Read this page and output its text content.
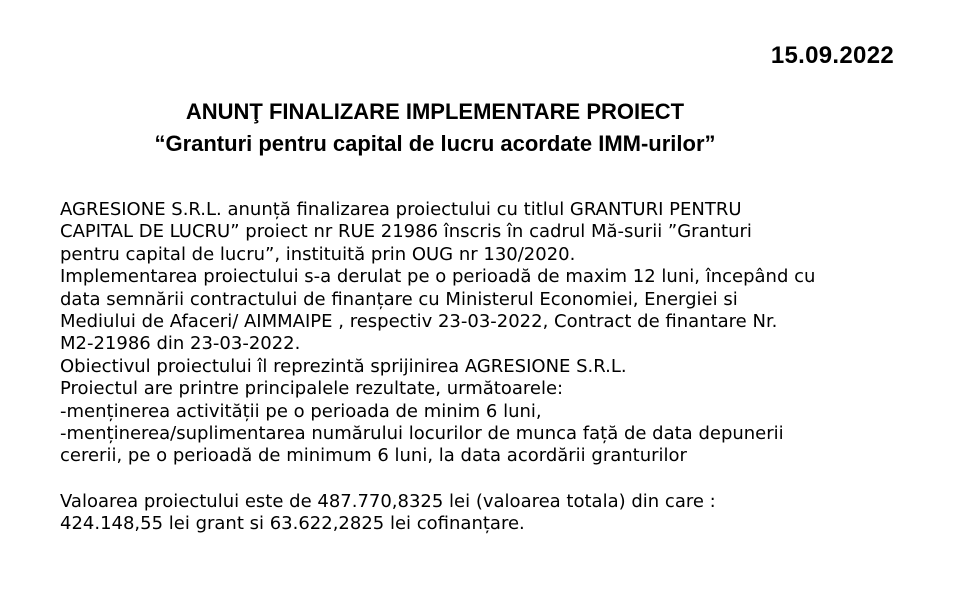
15.09.2022
ANUNŢ FINALIZARE IMPLEMENTARE PROIECT
“Granturi pentru capital de lucru acordate IMM-urilor”
AGRESIONE S.R.L. anunță finalizarea proiectului cu titlul GRANTURI PENTRU
CAPITAL DE LUCRU” proiect nr RUE 21986 înscris în cadrul Mă-surii ”Granturi
pentru capital de lucru”, instituită prin OUG nr 130/2020.
Implementarea proiectului s-a derulat pe o perioadă de maxim 12 luni, începând cu
data semnării contractului de finanțare cu Ministerul Economiei, Energiei si
Mediului de Afaceri/ AIMMAIPE , respectiv 23-03-2022, Contract de finantare Nr.
M2-21986 din 23-03-2022.
Obiectivul proiectului îl reprezintă sprijinirea AGRESIONE S.R.L.
Proiectul are printre principalele rezultate, următoarele:
-menținerea activității pe o perioada de minim 6 luni,
-menținerea/suplimentarea numărului locurilor de munca față de data depunerii
cererii, pe o perioadă de minimum 6 luni, la data acordării granturilor
Valoarea proiectului este de 487.770,8325 lei (valoarea totala) din care :
424.148,55 lei grant si 63.622,2825 lei cofinanțare.
